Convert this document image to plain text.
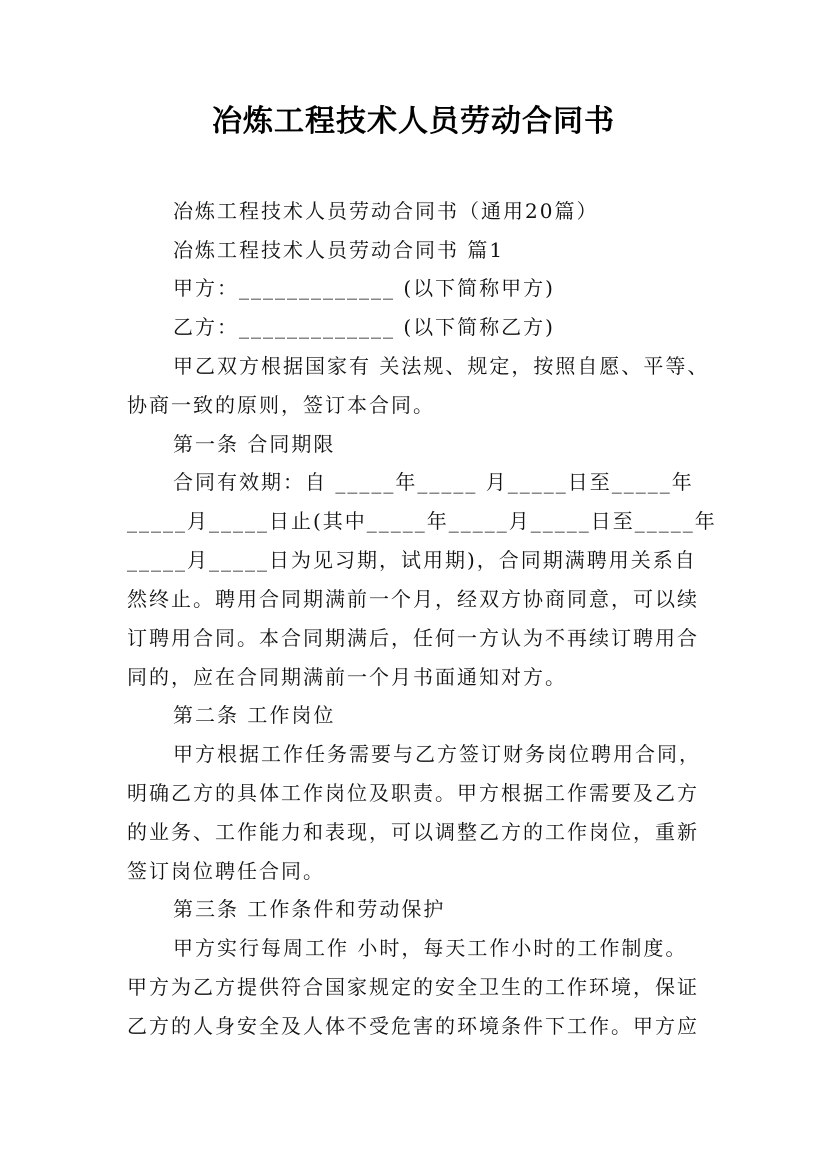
冶炼工程技术人员劳动合同书
冶炼工程技术人员劳动合同书（通用20篇）
冶炼工程技术人员劳动合同书 篇1
甲方：_____________ (以下简称甲方)
乙方：_____________ (以下简称乙方)
甲乙双方根据国家有 关法规、规定，按照自愿、平等、
协商一致的原则，签订本合同。
第一条 合同期限
合同有效期：自 _____年_____ 月_____日至_____年
_____月_____日止(其中_____年_____月_____日至_____年
_____月_____日为见习期，试用期)，合同期满聘用关系自
然终止。聘用合同期满前一个月，经双方协商同意，可以续
订聘用合同。本合同期满后，任何一方认为不再续订聘用合
同的，应在合同期满前一个月书面通知对方。
第二条 工作岗位
甲方根据工作任务需要与乙方签订财务岗位聘用合同，
明确乙方的具体工作岗位及职责。甲方根据工作需要及乙方
的业务、工作能力和表现，可以调整乙方的工作岗位，重新
签订岗位聘任合同。
第三条 工作条件和劳动保护
甲方实行每周工作 小时，每天工作小时的工作制度。
甲方为乙方提供符合国家规定的安全卫生的工作环境，保证
乙方的人身安全及人体不受危害的环境条件下工作。甲方应
